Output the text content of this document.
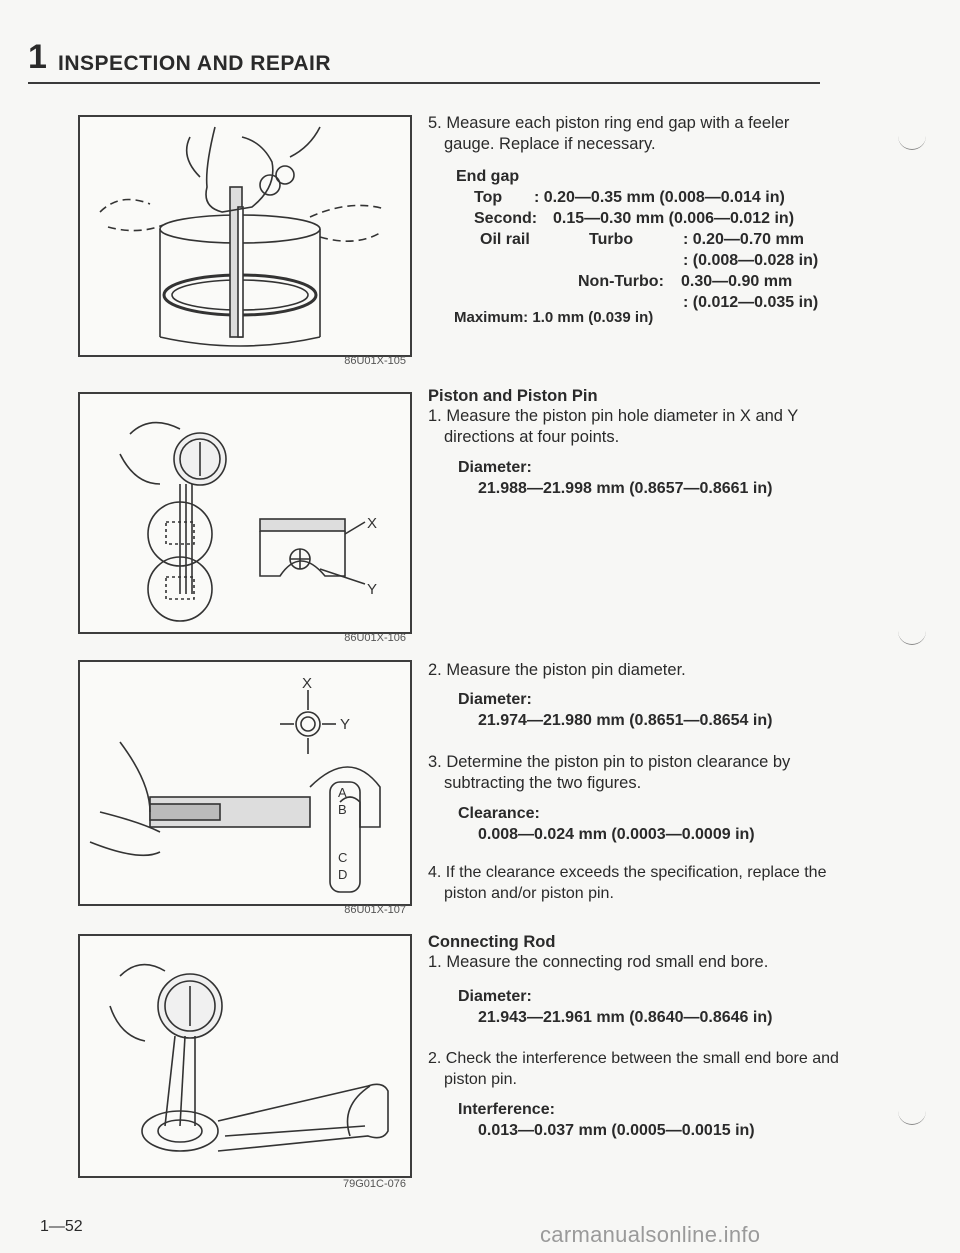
1 INSPECTION AND REPAIR
86U01X-105
X
Y
86U01X-106
X
Y
A
B
C
D
86U01X-107
79G01C-076
5. Measure each piston ring end gap with a feeler gauge. Replace if necessary.
End gap
Top : 0.20—0.35 mm (0.008—0.014 in)
Second: 0.15—0.30 mm (0.006—0.012 in)
Oil rail	Turbo	: 0.20—0.70 mm
: (0.008—0.028 in)
Non-Turbo: 0.30—0.90 mm
: (0.012—0.035 in)
Maximum: 1.0 mm (0.039 in)
Piston and Piston Pin
1. Measure the piston pin hole diameter in X and Y directions at four points.
Diameter:
21.988—21.998 mm (0.8657—0.8661 in)
2. Measure the piston pin diameter.
Diameter:
21.974—21.980 mm (0.8651—0.8654 in)
3. Determine the piston pin to piston clearance by subtracting the two figures.
Clearance:
0.008—0.024 mm (0.0003—0.0009 in)
4. If the clearance exceeds the specification, replace the piston and/or piston pin.
Connecting Rod
1. Measure the connecting rod small end bore.
Diameter:
21.943—21.961 mm (0.8640—0.8646 in)
2. Check the interference between the small end bore and piston pin.
Interference:
0.013—0.037 mm (0.0005—0.0015 in)
1—52	carmanualsonline.info
